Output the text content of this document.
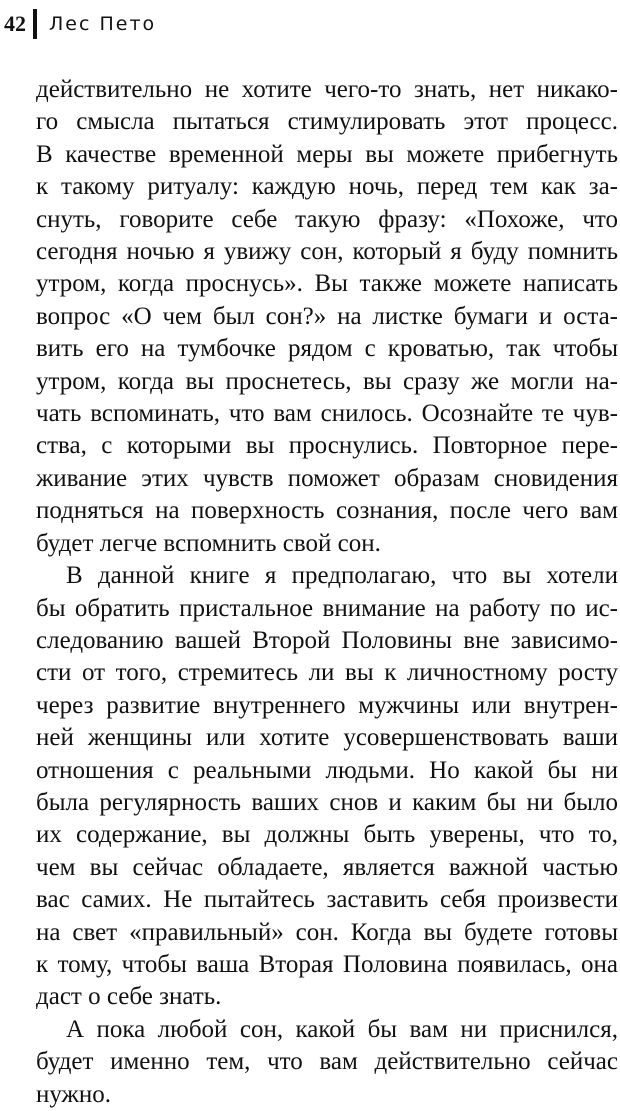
42 Лес Пето
действительно не хотите чего-то знать, нет никако-
го смысла пытаться стимулировать этот процесс.
В качестве временной меры вы можете прибегнуть
к такому ритуалу: каждую ночь, перед тем как за-
снуть, говорите себе такую фразу: «Похоже, что
сегодня ночью я увижу сон, который я буду помнить
утром, когда проснусь». Вы также можете написать
вопрос «О чем был сон?» на листке бумаги и оста-
вить его на тумбочке рядом с кроватью, так чтобы
утром, когда вы проснетесь, вы сразу же могли на-
чать вспоминать, что вам снилось. Осознайте те чув-
ства, с которыми вы проснулись. Повторное пере-
живание этих чувств поможет образам сновидения
подняться на поверхность сознания, после чего вам
будет легче вспомнить свой сон.
В данной книге я предполагаю, что вы хотели
бы обратить пристальное внимание на работу по ис-
следованию вашей Второй Половины вне зависимо-
сти от того, стремитесь ли вы к личностному росту
через развитие внутреннего мужчины или внутрен-
ней женщины или хотите усовершенствовать ваши
отношения с реальными людьми. Но какой бы ни
была регулярность ваших снов и каким бы ни было
их содержание, вы должны быть уверены, что то,
чем вы сейчас обладаете, является важной частью
вас самих. Не пытайтесь заставить себя произвести
на свет «правильный» сон. Когда вы будете готовы
к тому, чтобы ваша Вторая Половина появилась, она
даст о себе знать.
А пока любой сон, какой бы вам ни приснился,
будет именно тем, что вам действительно сейчас
нужно.
